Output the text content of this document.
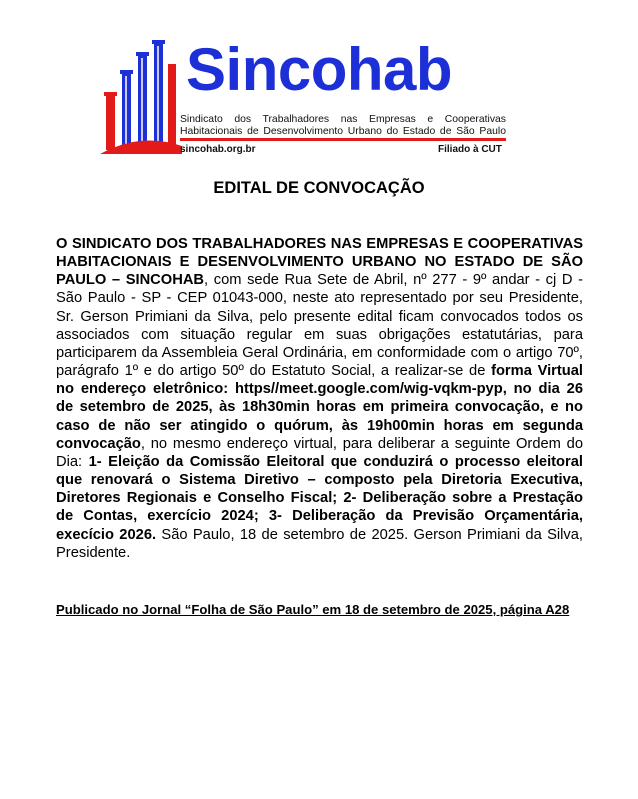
Sincohab
Sindicato dos Trabalhadores nas Empresas e Cooperativas
Habitacionais de Desenvolvimento Urbano do Estado de São Paulo
sincohab.org.br	Filiado à CUT
EDITAL DE CONVOCAÇÃO
O SINDICATO DOS TRABALHADORES NAS EMPRESAS E COOPERATIVAS HABITACIONAIS E DESENVOLVIMENTO URBANO NO ESTADO DE SÃO PAULO – SINCOHAB, com sede Rua Sete de Abril, nº 277 - 9º andar - cj D - São Paulo - SP - CEP 01043-000, neste ato representado por seu Presidente, Sr. Gerson Primiani da Silva, pelo presente edital ficam convocados todos os associados com situação regular em suas obrigações estatutárias, para participarem da Assembleia Geral Ordinária, em conformidade com o artigo 70º, parágrafo 1º e do artigo 50º do Estatuto Social, a realizar-se de forma Virtual no endereço eletrônico: https//meet.google.com/wig-vqkm-pyp, no dia 26 de setembro de 2025, às 18h30min horas em primeira convocação, e no caso de não ser atingido o quórum, às 19h00min horas em segunda convocação, no mesmo endereço virtual, para deliberar a seguinte Ordem do Dia: 1- Eleição da Comissão Eleitoral que conduzirá o processo eleitoral que renovará o Sistema Diretivo – composto pela Diretoria Executiva, Diretores Regionais e Conselho Fiscal; 2- Deliberação sobre a Prestação de Contas, exercício 2024; 3- Deliberação da Previsão Orçamentária, execício 2026. São Paulo, 18 de setembro de 2025. Gerson Primiani da Silva, Presidente.
Publicado no Jornal “Folha de São Paulo” em 18 de setembro de 2025, página A28
